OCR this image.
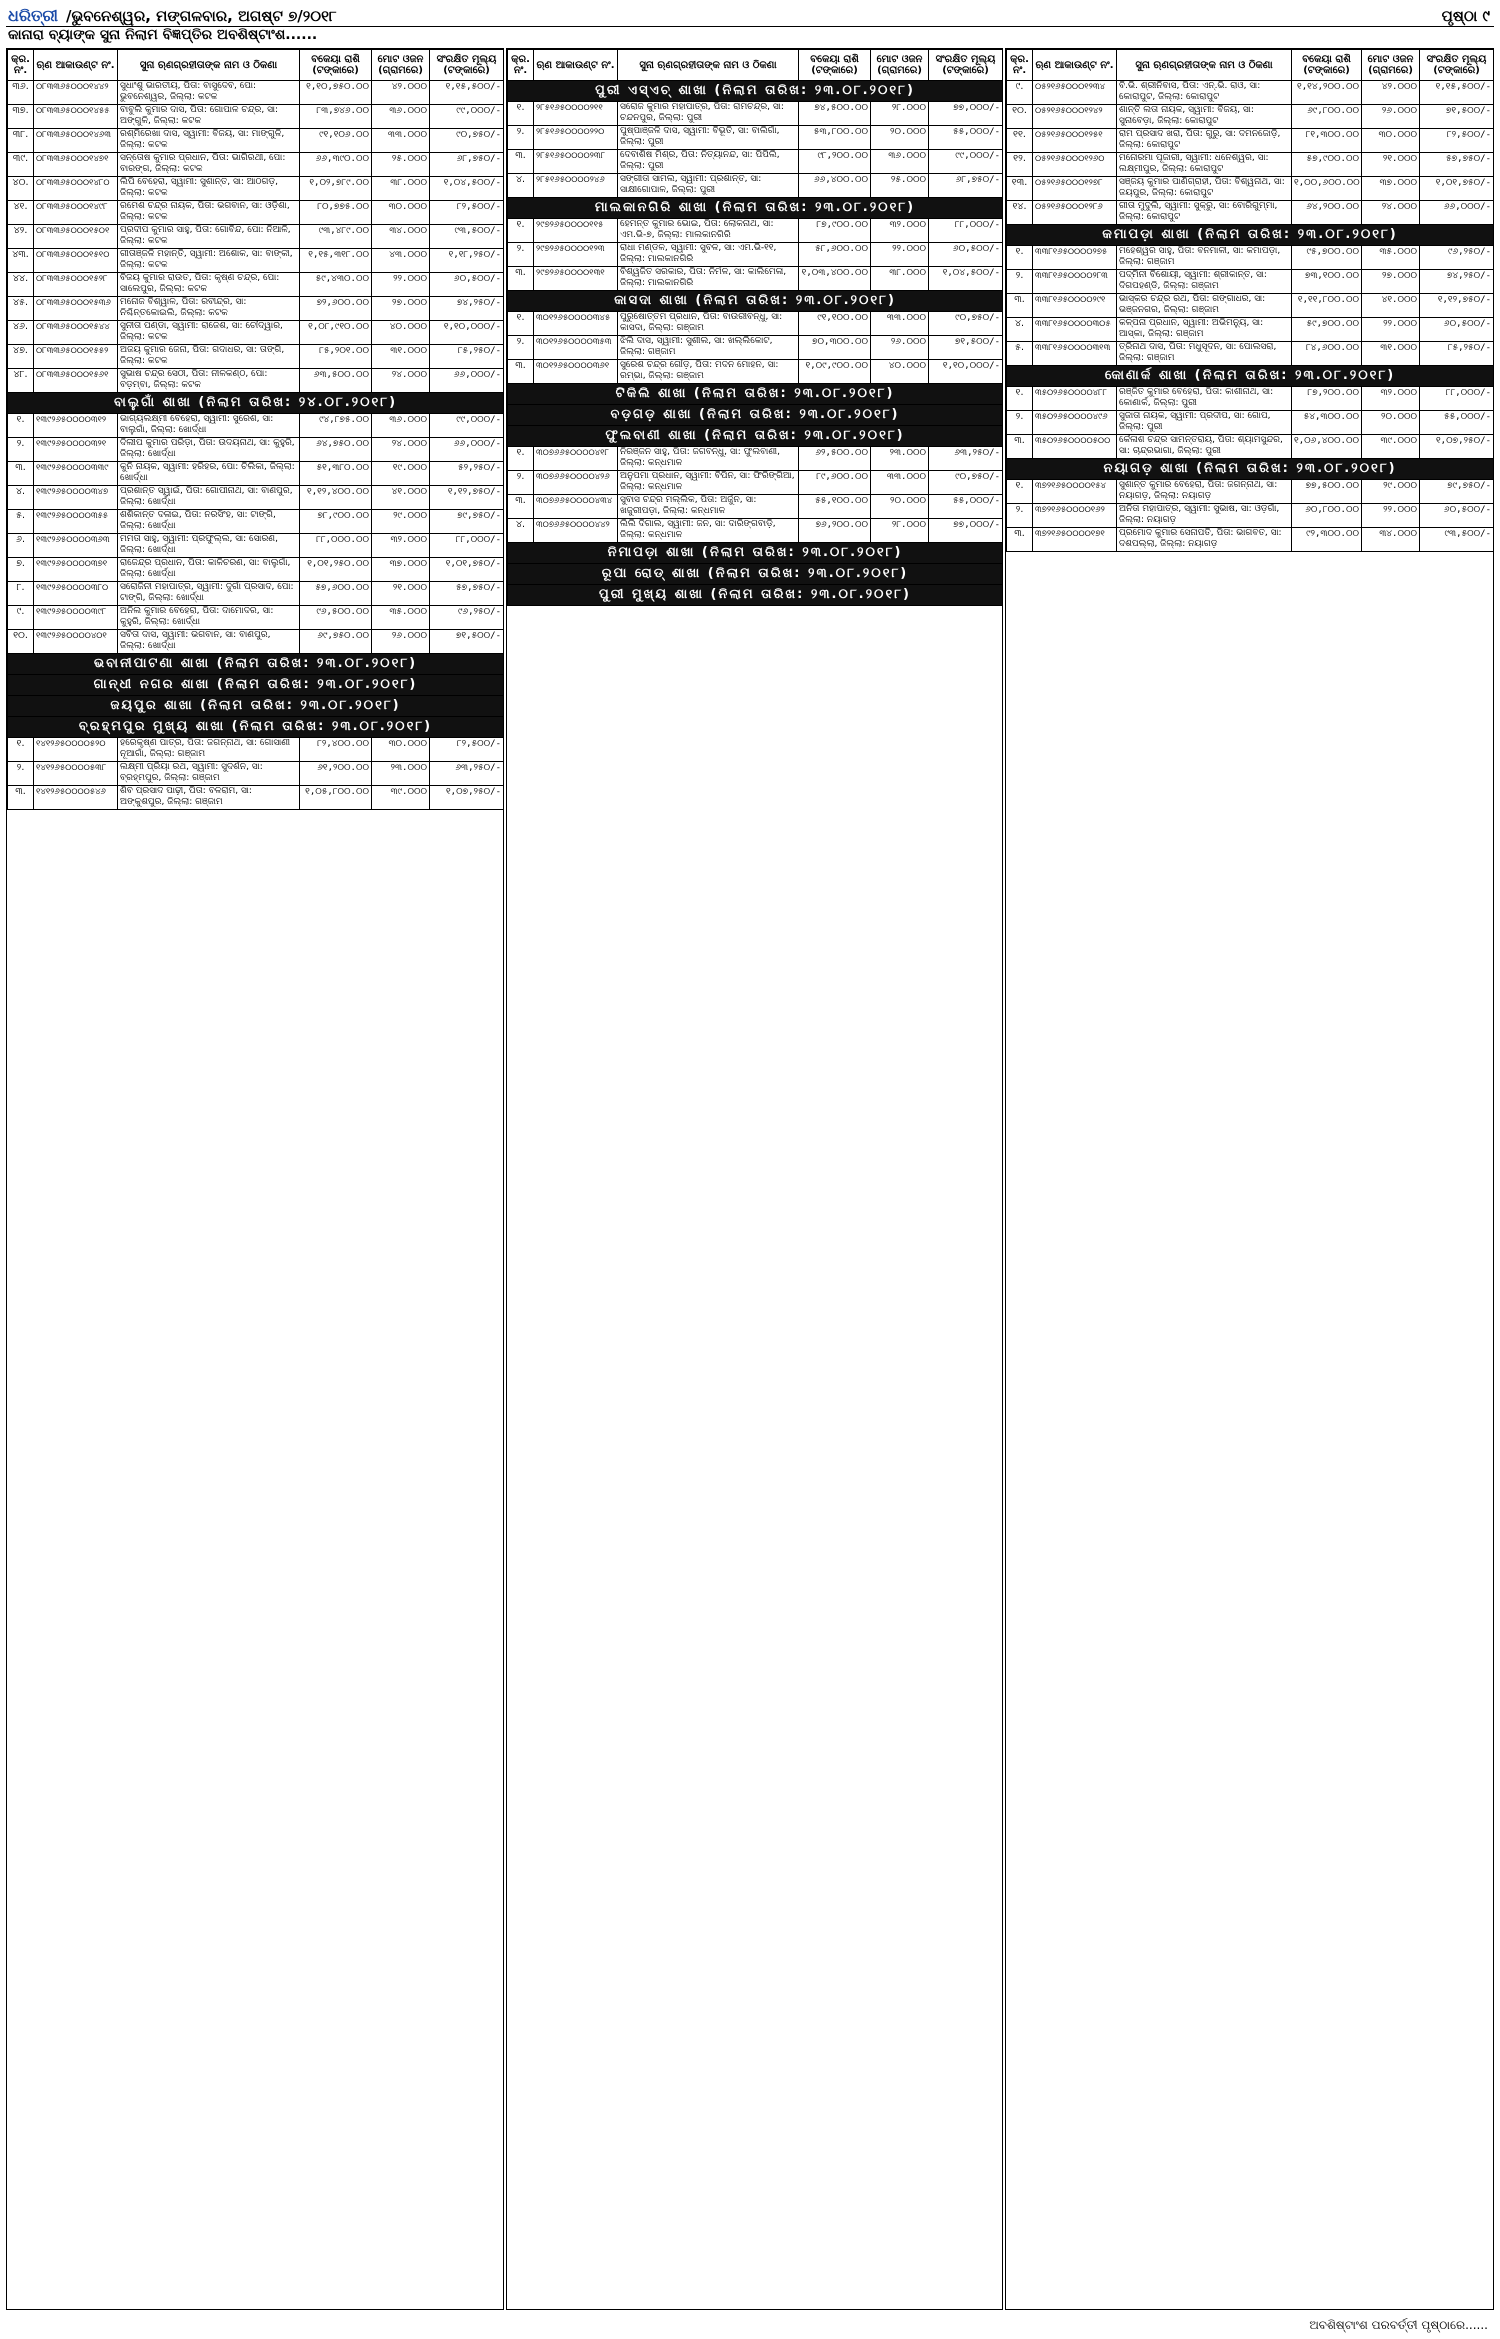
ଧରିତ୍ରୀ /ଭୁବନେଶ୍ୱର, ମଙ୍ଗଳବାର, ଅଗଷ୍ଟ ୭/୨୦୧୮	ପୃଷ୍ଠା ୯
କାନାରା ବ୍ୟାଙ୍କ ସୁନା ନିଲାମ ବିଜ୍ଞପ୍ତିର ଅବଶିଷ୍ଟାଂଶ......
କ୍ର. ନଂ.	ଋଣ ଆକାଉଣ୍ଟ ନଂ.	ସୁନା ଋଣଗ୍ରହୀତାଙ୍କ ନାମ ଓ ଠିକଣା	ବକେୟା ରାଶି (ଟଙ୍କାରେ)	ମୋଟ ଓଜନ (ଗ୍ରାମରେ)	ସଂରକ୍ଷିତ ମୂଲ୍ୟ (ଟଙ୍କାରେ)
୩୬.	୦୮୩୩୬୫୦୦୦୧୪୪୨	ସୁଧାଂଶୁ ଭାରତୀୟ, ପିତା: ବାସୁଦେବ, ପୋ: ଭୁବନେଶ୍ୱର, ଜିଲ୍ଲା: କଟକ	୧,୧୦,୭୫୦.୦୦	୪୨.୦୦୦	୧,୧୫,୫୦୦/-
୩୭.	୦୮୩୩୬୫୦୦୦୧୪୫୫	ବାବୁଲି କୁମାର ଦାସ, ପିତା: ଗୋପାଳ ଚନ୍ଦ୍ର, ସା: ଅଙ୍ଗୁଳି, ଜିଲ୍ଲା: କଟକ	୮୩,୭୪୬.୦୦	୩୬.୦୦୦	୯୯,୦୦୦/-
୩୮.	୦୮୩୩୬୫୦୦୦୧୪୬୩	ରଶ୍ମିରେଖା ଦାସ, ସ୍ୱାମୀ: ବିଜୟ, ସା: ମାଙ୍ଗୁଳି, ଜିଲ୍ଲା: କଟକ	୯୧,୧୦୬.୦୦	୩୩.୦୦୦	୯୦,୭୫୦/-
୩୯.	୦୮୩୩୬୫୦୦୦୧୪୭୧	ସନ୍ତୋଷ କୁମାର ପ୍ରଧାନ, ପିତା: ଭାଗିରଥୀ, ପୋ: ବାରଙ୍ଗ, ଜିଲ୍ଲା: କଟକ	୬୬,୩୯୦.୦୦	୨୫.୦୦୦	୬୮,୭୫୦/-
୪୦.	୦୮୩୩୬୫୦୦୦୧୪୮୦	ଲିପି ବେହେରା, ସ୍ୱାମୀ: ସୁଶାନ୍ତ, ସା: ଆଠଗଡ଼, ଜିଲ୍ଲା: କଟକ	୧,୦୨,୭୮୯.୦୦	୩୮.୦୦୦	୧,୦୪,୫୦୦/-
୪୧.	୦୮୩୩୬୫୦୦୦୧୪୯୮	ରମେଶ ଚନ୍ଦ୍ର ନାୟକ, ପିତା: ଭଗବାନ, ସା: ଓଡ଼ିଶା, ଜିଲ୍ଲା: କଟକ	୮୦,୭୭୫.୦୦	୩୦.୦୦୦	୮୨,୫୦୦/-
୪୨.	୦୮୩୩୬୫୦୦୦୧୫୦୧	ପ୍ରଦୀପ କୁମାର ସାହୁ, ପିତା: ଗୋବିନ୍ଦ, ପୋ: ନିଆଳି, ଜିଲ୍ଲା: କଟକ	୯୩,୪୮୯.୦୦	୩୪.୦୦୦	୯୩,୫୦୦/-
୪୩.	୦୮୩୩୬୫୦୦୦୧୫୧୦	ଗୀତାଞ୍ଜଳି ମହାନ୍ତି, ସ୍ୱାମୀ: ଅଶୋକ, ସା: ବାଙ୍କୀ, ଜିଲ୍ଲା: କଟକ	୧,୧୫,୩୧୮.୦୦	୪୩.୦୦୦	୧,୧୮,୨୫୦/-
୪୪.	୦୮୩୩୬୫୦୦୦୧୫୨୮	ବିଜୟ କୁମାର ରାଉତ, ପିତା: କୃଷ୍ଣ ଚନ୍ଦ୍ର, ପୋ: ସାଲେପୁର, ଜିଲ୍ଲା: କଟକ	୫୯,୪୩୦.୦୦	୨୨.୦୦୦	୬୦,୫୦୦/-
୪୫.	୦୮୩୩୬୫୦୦୦୧୫୩୬	ମନୋଜ ବିଶ୍ୱାଳ, ପିତା: ରବୀନ୍ଦ୍ର, ସା: ନିଶ୍ଚିନ୍ତକୋଇଲି, ଜିଲ୍ଲା: କଟକ	୭୨,୬୦୦.୦୦	୨୭.୦୦୦	୭୪,୨୫୦/-
୪୬.	୦୮୩୩୬୫୦୦୦୧୫୪୪	ସୁନୀତା ପଣ୍ଡା, ସ୍ୱାମୀ: ରାଜେଶ, ସା: ଚୌଦ୍ୱାର, ଜିଲ୍ଲା: କଟକ	୧,୦୮,୯୧୦.୦୦	୪୦.୦୦୦	୧,୧୦,୦୦୦/-
୪୭.	୦୮୩୩୬୫୦୦୦୧୫୫୨	ଅଜୟ କୁମାର ଜେନା, ପିତା: ଗଦାଧର, ସା: ତାଙ୍ଗି, ଜିଲ୍ଲା: କଟକ	୮୫,୨୦୧.୦୦	୩୧.୦୦୦	୮୫,୨୫୦/-
୪୮.	୦୮୩୩୬୫୦୦୦୧୫୬୧	ସୁଭାଷ ଚନ୍ଦ୍ର ସେଠୀ, ପିତା: ନୀଳକଣ୍ଠ, ପୋ: ବଡ଼ମ୍ବା, ଜିଲ୍ଲା: କଟକ	୬୩,୫୦୦.୦୦	୨୪.୦୦୦	୬୬,୦୦୦/-
ବାଲୁଗାଁ ଶାଖା (ନିଲାମ ତାରିଖ: ୨୪.୦୮.୨୦୧୮)					
୧.	୧୩୯୨୬୫୦୦୦୦୩୧୨	ଭାଗ୍ୟଲକ୍ଷ୍ମୀ ବେହେରା, ସ୍ୱାମୀ: ସୁରେଶ, ସା: ବାଲୁଗାଁ, ଜିଲ୍ଲା: ଖୋର୍ଦ୍ଧା	୯୪,୮୭୫.୦୦	୩୬.୦୦୦	୯୯,୦୦୦/-
୨.	୧୩୯୨୬୫୦୦୦୦୩୨୧	ଦିଲୀପ କୁମାର ପରିଡ଼ା, ପିତା: ଉଦୟନାଥ, ସା: କୁହୁରି, ଜିଲ୍ଲା: ଖୋର୍ଦ୍ଧା	୬୪,୭୫୦.୦୦	୨୪.୦୦୦	୬୬,୦୦୦/-
୩.	୧୩୯୨୬୫୦୦୦୦୩୩୯	କୁନି ନାୟକ, ସ୍ୱାମୀ: ହରିହର, ପୋ: ଚିଲିକା, ଜିଲ୍ଲା: ଖୋର୍ଦ୍ଧା	୫୧,୩୮୦.୦୦	୧୯.୦୦୦	୫୨,୨୫୦/-
୪.	୧୩୯୨୬୫୦୦୦୦୩୪୭	ପ୍ରଶାନ୍ତ ସ୍ୱାଇଁ, ପିତା: ଗୋପୀନାଥ, ସା: ବାଣପୁର, ଜିଲ୍ଲା: ଖୋର୍ଦ୍ଧା	୧,୧୨,୪୦୦.୦୦	୪୧.୦୦୦	୧,୧୨,୭୫୦/-
୫.	୧୩୯୨୬୫୦୦୦୦୩୫୫	ଶଶିକାନ୍ତ ଦଳାଇ, ପିତା: ନରସିଂହ, ସା: ଟାଙ୍ଗି, ଜିଲ୍ଲା: ଖୋର୍ଦ୍ଧା	୭୮,୯୦୦.୦୦	୨୯.୦୦୦	୭୯,୭୫୦/-
୬.	୧୩୯୨୬୫୦୦୦୦୩୬୩	ମମତା ସାହୁ, ସ୍ୱାମୀ: ପ୍ରଫୁଲ୍ଲ, ସା: ସୋରଣ, ଜିଲ୍ଲା: ଖୋର୍ଦ୍ଧା	୮୮,୦୦୦.୦୦	୩୨.୦୦୦	୮୮,୦୦୦/-
୭.	୧୩୯୨୬୫୦୦୦୦୩୭୧	ରାଜେନ୍ଦ୍ର ପ୍ରଧାନ, ପିତା: କାଳିଚରଣ, ସା: ବାଲୁଗାଁ, ଜିଲ୍ଲା: ଖୋର୍ଦ୍ଧା	୧,୦୧,୨୫୦.୦୦	୩୭.୦୦୦	୧,୦୧,୭୫୦/-
୮.	୧୩୯୨୬୫୦୦୦୦୩୮୦	ସରୋଜିନୀ ମହାପାତ୍ର, ସ୍ୱାମୀ: ଦୁର୍ଗା ପ୍ରସାଦ, ପୋ: ଟାଙ୍ଗି, ଜିଲ୍ଲା: ଖୋର୍ଦ୍ଧା	୫୭,୬୦୦.୦୦	୨୧.୦୦୦	୫୭,୭୫୦/-
୯.	୧୩୯୨୬୫୦୦୦୦୩୯୮	ଅନିଲ କୁମାର ବେହେରା, ପିତା: ଦାମୋଦର, ସା: କୁହୁରି, ଜିଲ୍ଲା: ଖୋର୍ଦ୍ଧା	୯୬,୫୦୦.୦୦	୩୫.୦୦୦	୯୬,୨୫୦/-
୧୦.	୧୩୯୨୬୫୦୦୦୦୪୦୧	ସବିତା ଦାସ, ସ୍ୱାମୀ: ଭଗବାନ, ସା: ବାଣପୁର, ଜିଲ୍ଲା: ଖୋର୍ଦ୍ଧା	୬୯,୭୫୦.୦୦	୨୬.୦୦୦	୭୧,୫୦୦/-
ଭବାନୀପାଟଣା ଶାଖା (ନିଲାମ ତାରିଖ: ୨୩.୦୮.୨୦୧୮)					
ଗାନ୍ଧୀ ନଗର ଶାଖା (ନିଲାମ ତାରିଖ: ୨୩.୦୮.୨୦୧୮)					
ଜୟପୁର ଶାଖା (ନିଲାମ ତାରିଖ: ୨୩.୦୮.୨୦୧୮)					
ବ୍ରହ୍ମପୁର ମୁଖ୍ୟ ଶାଖା (ନିଲାମ ତାରିଖ: ୨୩.୦୮.୨୦୧୮)					
୧.	୧୪୧୨୬୫୦୦୦୦୫୨୦	ହରେକୃଷ୍ଣ ପାତ୍ର, ପିତା: ଜଗନ୍ନାଥ, ସା: ଗୋସାଣୀ ନୂଆଗାଁ, ଜିଲ୍ଲା: ଗଞ୍ଜାମ	୮୨,୪୦୦.୦୦	୩୦.୦୦୦	୮୨,୫୦୦/-
୨.	୧୪୧୨୬୫୦୦୦୦୫୩୮	ଲକ୍ଷ୍ମୀ ପ୍ରିୟା ରଥ, ସ୍ୱାମୀ: ସୁଦର୍ଶନ, ସା: ବ୍ରହ୍ମପୁର, ଜିଲ୍ଲା: ଗଞ୍ଜାମ	୬୧,୨୦୦.୦୦	୨୩.୦୦୦	୬୩,୨୫୦/-
୩.	୧୪୧୨୬୫୦୦୦୦୫୪୬	ଶିବ ପ୍ରସାଦ ପାଢ଼ୀ, ପିତା: ବଳରାମ, ସା: ଅଙ୍କୁଶପୁର, ଜିଲ୍ଲା: ଗଞ୍ଜାମ	୧,୦୫,୮୦୦.୦୦	୩୯.୦୦୦	୧,୦୭,୨୫୦/-
କ୍ର. ନଂ.	ଋଣ ଆକାଉଣ୍ଟ ନଂ.	ସୁନା ଋଣଗ୍ରହୀତାଙ୍କ ନାମ ଓ ଠିକଣା	ବକେୟା ରାଶି (ଟଙ୍କାରେ)	ମୋଟ ଓଜନ (ଗ୍ରାମରେ)	ସଂରକ୍ଷିତ ମୂଲ୍ୟ (ଟଙ୍କାରେ)
ପୁରୀ ଏସ୍‌ଏଚ୍ ଶାଖା (ନିଲାମ ତାରିଖ: ୨୩.୦୮.୨୦୧୮)					
୧.	୨୮୫୧୬୫୦୦୦୦୨୧୧	ସରୋଜ କୁମାର ମହାପାତ୍ର, ପିତା: ରାମଚନ୍ଦ୍ର, ସା: ଚନ୍ଦନପୁର, ଜିଲ୍ଲା: ପୁରୀ	୭୪,୫୦୦.୦୦	୨୮.୦୦୦	୭୭,୦୦୦/-
୨.	୨୮୫୧୬୫୦୦୦୦୨୨୦	ପୁଷ୍ପାଞ୍ଜଳି ଦାସ, ସ୍ୱାମୀ: ବିଭୂତି, ସା: ବାଲିଗାଁ, ଜିଲ୍ଲା: ପୁରୀ	୫୩,୮୦୦.୦୦	୨୦.୦୦୦	୫୫,୦୦୦/-
୩.	୨୮୫୧୬୫୦୦୦୦୨୩୮	ଦେବାଶିଷ ମିଶ୍ର, ପିତା: ନିତ୍ୟାନନ୍ଦ, ସା: ପିପିଲି, ଜିଲ୍ଲା: ପୁରୀ	୯୮,୨୦୦.୦୦	୩୬.୦୦୦	୯୯,୦୦୦/-
୪.	୨୮୫୧୬୫୦୦୦୦୨୪୬	ସଙ୍ଗୀତା ସାମଲ, ସ୍ୱାମୀ: ପ୍ରଶାନ୍ତ, ସା: ସାକ୍ଷୀଗୋପାଳ, ଜିଲ୍ଲା: ପୁରୀ	୬୬,୪୦୦.୦୦	୨୫.୦୦୦	୬୮,୭୫୦/-
ମାଲକାନଗିରି ଶାଖା (ନିଲାମ ତାରିଖ: ୨୩.୦୮.୨୦୧୮)					
୧.	୨୯୭୨୬୫୦୦୦୦୧୧୫	ହେମନ୍ତ କୁମାର ଭୋଇ, ପିତା: ଲୋକନାଥ, ସା: ଏମ.ଭି-୭, ଜିଲ୍ଲା: ମାଲକାନଗିରି	୮୭,୯୦୦.୦୦	୩୨.୦୦୦	୮୮,୦୦୦/-
୨.	୨୯୭୨୬୫୦୦୦୦୧୨୩	ରାଧା ମଣ୍ଡଳ, ସ୍ୱାମୀ: ସୁବଳ, ସା: ଏମ.ଭି-୧୧, ଜିଲ୍ଲା: ମାଲକାନଗିରି	୫୮,୬୦୦.୦୦	୨୨.୦୦୦	୬୦,୫୦୦/-
୩.	୨୯୭୨୬୫୦୦୦୦୧୩୧	ବିଶ୍ୱଜିତ ସରକାର, ପିତା: ନିର୍ମଳ, ସା: କାଲିମେଳା, ଜିଲ୍ଲା: ମାଲକାନଗିରି	୧,୦୩,୪୦୦.୦୦	୩୮.୦୦୦	୧,୦୪,୫୦୦/-
କାସଦା ଶାଖା (ନିଲାମ ତାରିଖ: ୨୩.୦୮.୨୦୧୮)					
୧.	୩୦୧୨୬୫୦୦୦୦୩୪୫	ପୁରୁଷୋତ୍ତମ ପ୍ରଧାନ, ପିତା: ବାଉରୀବନ୍ଧୁ, ସା: କାସଦା, ଜିଲ୍ଲା: ଗଞ୍ଜାମ	୯୧,୧୦୦.୦୦	୩୩.୦୦୦	୯୦,୭୫୦/-
୨.	୩୦୧୨୬୫୦୦୦୦୩୫୩	ଝିଲି ଦାସ, ସ୍ୱାମୀ: ସୁଶୀଲ, ସା: ଖଲ୍ଲିକୋଟ, ଜିଲ୍ଲା: ଗଞ୍ଜାମ	୭୦,୩୦୦.୦୦	୨୬.୦୦୦	୭୧,୫୦୦/-
୩.	୩୦୧୨୬୫୦୦୦୦୩୬୧	ସୁରେଶ ଚନ୍ଦ୍ର ଗୌଡ଼, ପିତା: ମଦନ ମୋହନ, ସା: ରମ୍ଭା, ଜିଲ୍ଲା: ଗଞ୍ଜାମ	୧,୦୯,୯୦୦.୦୦	୪୦.୦୦୦	୧,୧୦,୦୦୦/-
ଟିକିଲି ଶାଖା (ନିଲାମ ତାରିଖ: ୨୩.୦୮.୨୦୧୮)					
ବଡ଼ଗଡ଼ ଶାଖା (ନିଲାମ ତାରିଖ: ୨୩.୦୮.୨୦୧୮)					
ଫୁଲବାଣୀ ଶାଖା (ନିଲାମ ତାରିଖ: ୨୩.୦୮.୨୦୧୮)					
୧.	୩୦୭୬୬୫୦୦୦୦୪୧୮	ନିରଞ୍ଜନ ସାହୁ, ପିତା: ଜଗବନ୍ଧୁ, ସା: ଫୁଲବାଣୀ, ଜିଲ୍ଲା: କନ୍ଧମାଳ	୬୨,୫୦୦.୦୦	୨୩.୦୦୦	୬୩,୨୫୦/-
୨.	୩୦୭୬୬୫୦୦୦୦୪୨୬	ଅନୁପମା ପ୍ରଧାନ, ସ୍ୱାମୀ: ବିପିନ, ସା: ଫିରିଙ୍ଗିଆ, ଜିଲ୍ଲା: କନ୍ଧମାଳ	୮୯,୬୦୦.୦୦	୩୩.୦୦୦	୯୦,୭୫୦/-
୩.	୩୦୭୬୬୫୦୦୦୦୪୩୪	ସୁବାସ ଚନ୍ଦ୍ର ମଲ୍ଲିକ, ପିତା: ଅର୍ଜୁନ, ସା: ଖଜୁରୀପଡ଼ା, ଜିଲ୍ଲା: କନ୍ଧମାଳ	୫୫,୧୦୦.୦୦	୨୦.୦୦୦	୫୫,୦୦୦/-
୪.	୩୦୭୬୬୫୦୦୦୦୪୪୨	ଲିଲି ଦିଗାଲ, ସ୍ୱାମୀ: ଜନ, ସା: ଦାରିଙ୍ଗବାଡ଼ି, ଜିଲ୍ଲା: କନ୍ଧମାଳ	୭୬,୨୦୦.୦୦	୨୮.୦୦୦	୭୭,୦୦୦/-
ନିମାପଡ଼ା ଶାଖା (ନିଲାମ ତାରିଖ: ୨୩.୦୮.୨୦୧୮)					
ରୂପା ରୋଡ୍ ଶାଖା (ନିଲାମ ତାରିଖ: ୨୩.୦୮.୨୦୧୮)					
ପୁରୀ ମୁଖ୍ୟ ଶାଖା (ନିଲାମ ତାରିଖ: ୨୩.୦୮.୨୦୧୮)					
କ୍ର. ନଂ.	ଋଣ ଆକାଉଣ୍ଟ ନଂ.	ସୁନା ଋଣଗ୍ରହୀତାଙ୍କ ନାମ ଓ ଠିକଣା	ବକେୟା ରାଶି (ଟଙ୍କାରେ)	ମୋଟ ଓଜନ (ଗ୍ରାମରେ)	ସଂରକ୍ଷିତ ମୂଲ୍ୟ (ଟଙ୍କାରେ)
୯.	୦୫୨୧୬୫୦୦୦୧୨୩୪	ବି.ଭି. ଶ୍ରୀନିବାସ, ପିତା: ଏନ୍.ଭି. ରାଓ, ସା: କୋରାପୁଟ, ଜିଲ୍ଲା: କୋରାପୁଟ	୧,୧୪,୨୦୦.୦୦	୪୨.୦୦୦	୧,୧୫,୫୦୦/-
୧୦.	୦୫୨୧୬୫୦୦୦୧୨୪୨	ଶାନ୍ତି ଲତା ନାୟକ, ସ୍ୱାମୀ: ବିଜୟ, ସା: ସୁନାବେଡ଼ା, ଜିଲ୍ଲା: କୋରାପୁଟ	୬୯,୮୦୦.୦୦	୨୬.୦୦୦	୭୧,୫୦୦/-
୧୧.	୦୫୨୧୬୫୦୦୦୧୨୫୧	ରାମ ପ୍ରସାଦ ଖରା, ପିତା: ଗୁରୁ, ସା: ଦମନଜୋଡ଼ି, ଜିଲ୍ଲା: କୋରାପୁଟ	୮୧,୩୦୦.୦୦	୩୦.୦୦୦	୮୨,୫୦୦/-
୧୨.	୦୫୨୧୬୫୦୦୦୧୨୬୦	ମନୋରମା ପୂଜାରୀ, ସ୍ୱାମୀ: ଧନେଶ୍ୱର, ସା: ଲକ୍ଷ୍ମୀପୁର, ଜିଲ୍ଲା: କୋରାପୁଟ	୫୭,୯୦୦.୦୦	୨୧.୦୦୦	୫୭,୭୫୦/-
୧୩.	୦୫୨୧୬୫୦୦୦୧୨୭୮	ସଞ୍ଜୟ କୁମାର ପାଣିଗ୍ରାହୀ, ପିତା: ବିଶ୍ୱନାଥ, ସା: ଜୟପୁର, ଜିଲ୍ଲା: କୋରାପୁଟ	୧,୦୦,୬୦୦.୦୦	୩୭.୦୦୦	୧,୦୧,୭୫୦/-
୧୪.	୦୫୨୧୬୫୦୦୦୧୨୮୬	ଗୀତା ମୁଦୁଲି, ସ୍ୱାମୀ: ସୁକ୍ରୁ, ସା: ବୋରିଗୁମ୍ମା, ଜିଲ୍ଲା: କୋରାପୁଟ	୬୪,୨୦୦.୦୦	୨୪.୦୦୦	୬୬,୦୦୦/-
କମାପଡ଼ା ଶାଖା (ନିଲାମ ତାରିଖ: ୨୩.୦୮.୨୦୧୮)					
୧.	୩୩୮୧୬୫୦୦୦୦୨୭୫	ମହେଶ୍ୱର ସାହୁ, ପିତା: ବନମାଳୀ, ସା: କମାପଡ଼ା, ଜିଲ୍ଲା: ଗଞ୍ଜାମ	୯୫,୭୦୦.୦୦	୩୫.୦୦୦	୯୬,୨୫୦/-
୨.	୩୩୮୧୬୫୦୦୦୦୨୮୩	ପଦ୍ମିନୀ ବିଶୋୟୀ, ସ୍ୱାମୀ: ଶ୍ରୀକାନ୍ତ, ସା: ଦିଗପହଣ୍ଡି, ଜିଲ୍ଲା: ଗଞ୍ଜାମ	୭୩,୧୦୦.୦୦	୨୭.୦୦୦	୭୪,୨୫୦/-
୩.	୩୩୮୧୬୫୦୦୦୦୨୯୧	ଭାସ୍କର ଚନ୍ଦ୍ର ରଥ, ପିତା: ଗଙ୍ଗାଧର, ସା: ଭଞ୍ଜନଗର, ଜିଲ୍ଲା: ଗଞ୍ଜାମ	୧,୧୧,୮୦୦.୦୦	୪୧.୦୦୦	୧,୧୨,୭୫୦/-
୪.	୩୩୮୧୬୫୦୦୦୦୩୦୫	କଳ୍ପନା ପ୍ରଧାନ, ସ୍ୱାମୀ: ଅଭିମନ୍ୟୁ, ସା: ଆସ୍କା, ଜିଲ୍ଲା: ଗଞ୍ଜାମ	୫୯,୭୦୦.୦୦	୨୨.୦୦୦	୬୦,୫୦୦/-
୫.	୩୩୮୧୬୫୦୦୦୦୩୧୩	ତ୍ରିନାଥ ଦାସ, ପିତା: ମଧୁସୂଦନ, ସା: ପୋଲସରା, ଜିଲ୍ଲା: ଗଞ୍ଜାମ	୮୪,୬୦୦.୦୦	୩୧.୦୦୦	୮୫,୨୫୦/-
କୋଣାର୍କ ଶାଖା (ନିଲାମ ତାରିଖ: ୨୩.୦୮.୨୦୧୮)					
୧.	୩୫୦୨୬୫୦୦୦୦୪୮୮	ରଞ୍ଜିତ କୁମାର ବେହେରା, ପିତା: କାଶୀନାଥ, ସା: କୋଣାର୍କ, ଜିଲ୍ଲା: ପୁରୀ	୮୭,୨୦୦.୦୦	୩୨.୦୦୦	୮୮,୦୦୦/-
୨.	୩୫୦୨୬୫୦୦୦୦୪୯୬	ସୁଜାତା ନାୟକ, ସ୍ୱାମୀ: ପ୍ରଦୀପ, ସା: ଗୋପ, ଜିଲ୍ଲା: ପୁରୀ	୫୪,୩୦୦.୦୦	୨୦.୦୦୦	୫୫,୦୦୦/-
୩.	୩୫୦୨୬୫୦୦୦୦୫୦୦	କୈଳାଶ ଚନ୍ଦ୍ର ସାମନ୍ତରାୟ, ପିତା: ଶ୍ୟାମସୁନ୍ଦର, ସା: ଚାନ୍ଦ୍ରଭାଗା, ଜିଲ୍ଲା: ପୁରୀ	୧,୦୬,୪୦୦.୦୦	୩୯.୦୦୦	୧,୦୭,୨୫୦/-
ନୟାଗଡ଼ ଶାଖା (ନିଲାମ ତାରିଖ: ୨୩.୦୮.୨୦୧୮)					
୧.	୩୭୨୧୬୫୦୦୦୦୧୫୪	ସୁଶାନ୍ତ କୁମାର ବେହେରା, ପିତା: ଜଗନ୍ନାଥ, ସା: ନୟାଗଡ଼, ଜିଲ୍ଲା: ନୟାଗଡ଼	୭୭,୫୦୦.୦୦	୨୯.୦୦୦	୭୯,୭୫୦/-
୨.	୩୭୨୧୬୫୦୦୦୦୧୬୨	ଅନିତା ମହାପାତ୍ର, ସ୍ୱାମୀ: ସୁଭାଷ, ସା: ଓଡ଼ଗାଁ, ଜିଲ୍ଲା: ନୟାଗଡ଼	୬୦,୮୦୦.୦୦	୨୨.୦୦୦	୬୦,୫୦୦/-
୩.	୩୭୨୧୬୫୦୦୦୦୧୭୧	ପ୍ରମୋଦ କୁମାର ସେନାପତି, ପିତା: ଭାଗବତ, ସା: ଦଶପଲ୍ଲା, ଜିଲ୍ଲା: ନୟାଗଡ଼	୯୨,୩୦୦.୦୦	୩୪.୦୦୦	୯୩,୫୦୦/-
ଅବଶିଷ୍ଟାଂଶ ପରବର୍ତ୍ତୀ ପୃଷ୍ଠାରେ......
